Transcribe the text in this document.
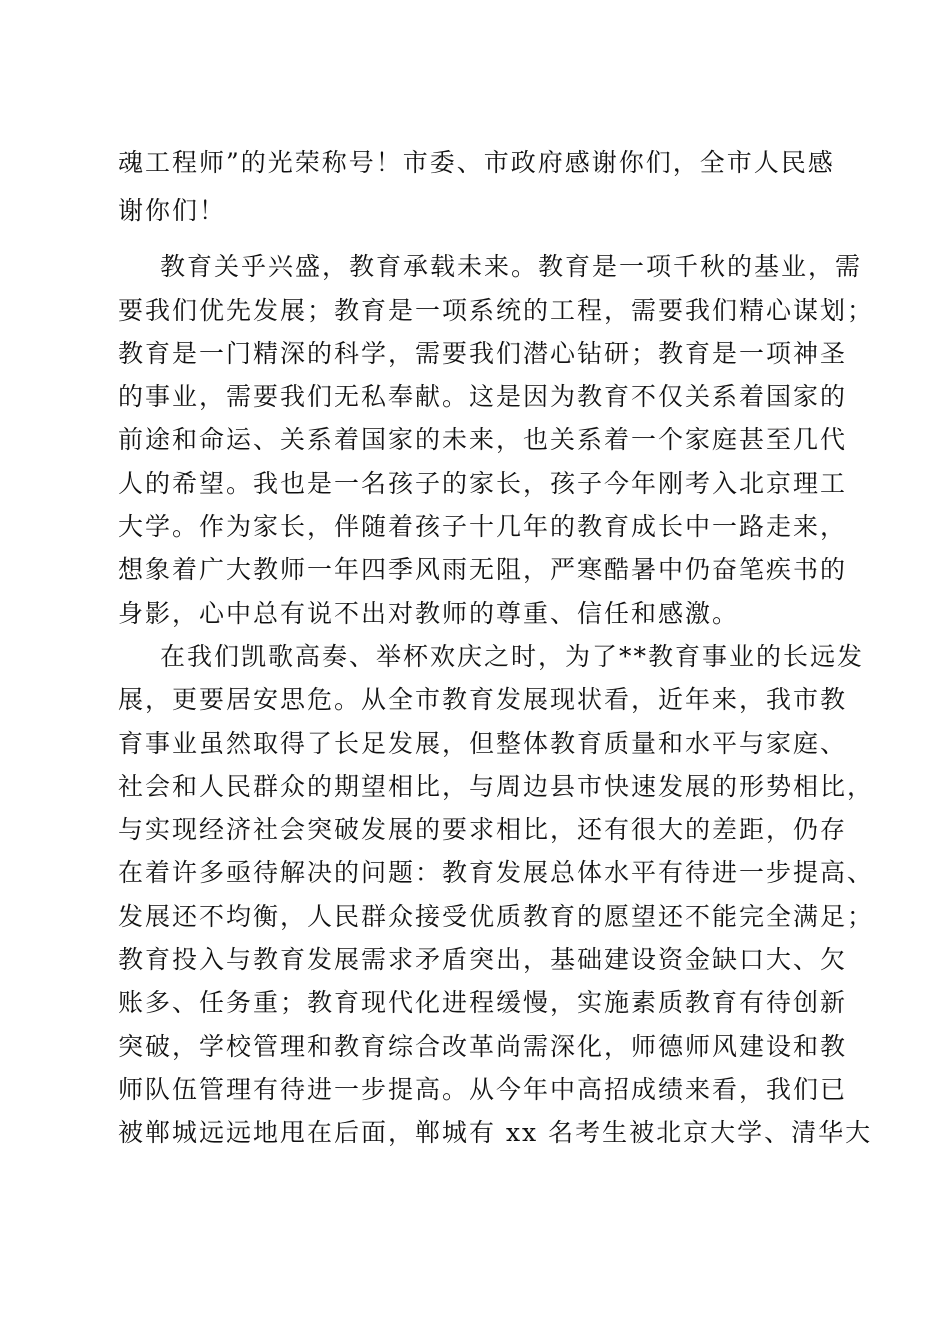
魂工程师”的光荣称号！市委、市政府感谢你们，全市人民感
谢你们！
教育关乎兴盛，教育承载未来。教育是一项千秋的基业，需
要我们优先发展；教育是一项系统的工程，需要我们精心谋划；
教育是一门精深的科学，需要我们潜心钻研；教育是一项神圣
的事业，需要我们无私奉献。这是因为教育不仅关系着国家的
前途和命运、关系着国家的未来，也关系着一个家庭甚至几代
人的希望。我也是一名孩子的家长，孩子今年刚考入北京理工
大学。作为家长，伴随着孩子十几年的教育成长中一路走来，
想象着广大教师一年四季风雨无阻，严寒酷暑中仍奋笔疾书的
身影，心中总有说不出对教师的尊重、信任和感激。
在我们凯歌高奏、举杯欢庆之时，为了**教育事业的长远发
展，更要居安思危。从全市教育发展现状看，近年来，我市教
育事业虽然取得了长足发展，但整体教育质量和水平与家庭、
社会和人民群众的期望相比，与周边县市快速发展的形势相比，
与实现经济社会突破发展的要求相比，还有很大的差距，仍存
在着许多亟待解决的问题：教育发展总体水平有待进一步提高、
发展还不均衡，人民群众接受优质教育的愿望还不能完全满足；
教育投入与教育发展需求矛盾突出，基础建设资金缺口大、欠
账多、任务重；教育现代化进程缓慢，实施素质教育有待创新
突破，学校管理和教育综合改革尚需深化，师德师风建设和教
师队伍管理有待进一步提高。从今年中高招成绩来看，我们已
被郸城远远地甩在后面，郸城有 xx 名考生被北京大学、清华大
